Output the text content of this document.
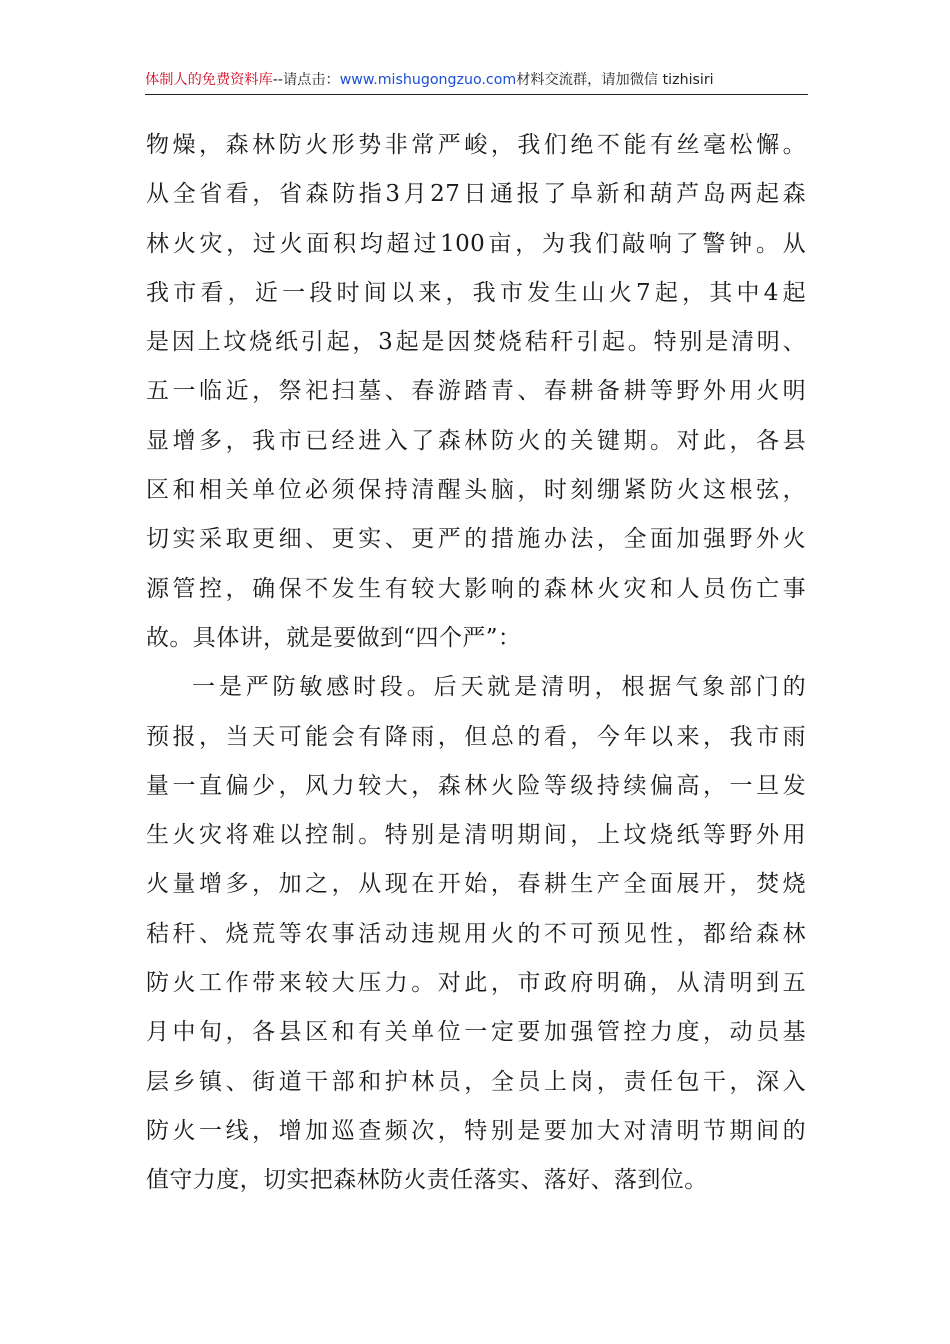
体制人的免费资料库--请点击：www.mishugongzuo.com材料交流群，请加微信 tizhisiri
物燥，森林防火形势非常严峻，我们绝不能有丝毫松懈。
从全省看，省森防指3月27日通报了阜新和葫芦岛两起森
林火灾，过火面积均超过100亩，为我们敲响了警钟。从
我市看，近一段时间以来，我市发生山火7起，其中4起
是因上坟烧纸引起，3起是因焚烧秸秆引起。特别是清明、
五一临近，祭祀扫墓、春游踏青、春耕备耕等野外用火明
显增多，我市已经进入了森林防火的关键期。对此，各县
区和相关单位必须保持清醒头脑，时刻绷紧防火这根弦，
切实采取更细、更实、更严的措施办法，全面加强野外火
源管控，确保不发生有较大影响的森林火灾和人员伤亡事
故。具体讲，就是要做到“四个严”：
一是严防敏感时段。后天就是清明，根据气象部门的
预报，当天可能会有降雨，但总的看，今年以来，我市雨
量一直偏少，风力较大，森林火险等级持续偏高，一旦发
生火灾将难以控制。特别是清明期间，上坟烧纸等野外用
火量增多，加之，从现在开始，春耕生产全面展开，焚烧
秸秆、烧荒等农事活动违规用火的不可预见性，都给森林
防火工作带来较大压力。对此，市政府明确，从清明到五
月中旬，各县区和有关单位一定要加强管控力度，动员基
层乡镇、街道干部和护林员，全员上岗，责任包干，深入
防火一线，增加巡查频次，特别是要加大对清明节期间的
值守力度，切实把森林防火责任落实、落好、落到位。
